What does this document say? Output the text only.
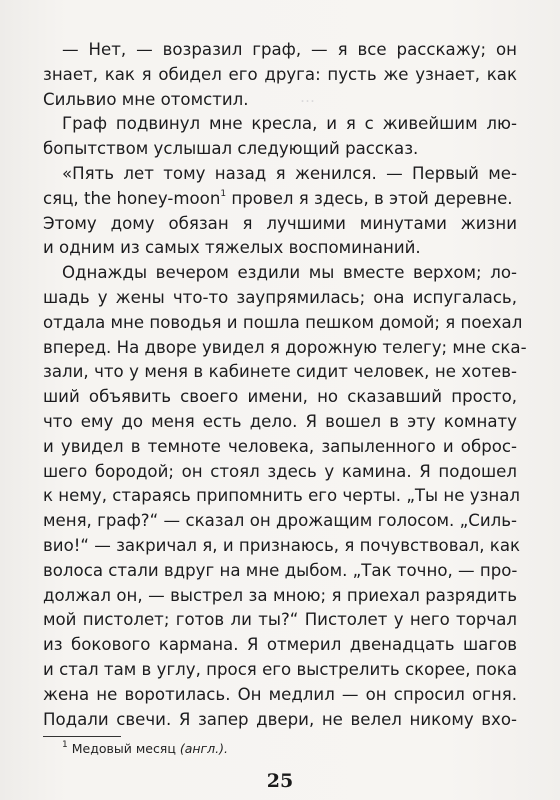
…
— Нет, — возразил граф, — я все расскажу; он
знает, как я обидел его друга: пусть же узнает, как
Сильвио мне отомстил.
Граф подвинул мне кресла, и я с живейшим лю-
бопытством услышал следующий рассказ.
«Пять лет тому назад я женился. — Первый ме-
сяц, the honey-moon$^1$ провел я здесь, в этой деревне.
Этому дому обязан я лучшими минутами жизни
и одним из самых тяжелых воспоминаний.
Однажды вечером ездили мы вместе верхом; ло-
шадь у жены что-то заупрямилась; она испугалась,
отдала мне поводья и пошла пешком домой; я поехал
вперед. На дворе увидел я дорожную телегу; мне ска-
зали, что у меня в кабинете сидит человек, не хотев-
ший объявить своего имени, но сказавший просто,
что ему до меня есть дело. Я вошел в эту комнату
и увидел в темноте человека, запыленного и оброс-
шего бородой; он стоял здесь у камина. Я подошел
к нему, стараясь припомнить его черты. „Ты не узнал
меня, граф?“ — сказал он дрожащим голосом. „Силь-
вио!“ — закричал я, и признаюсь, я почувствовал, как
волоса стали вдруг на мне дыбом. „Так точно, — про-
должал он, — выстрел за мною; я приехал разрядить
мой пистолет; готов ли ты?“ Пистолет у него торчал
из бокового кармана. Я отмерил двенадцать шагов
и стал там в углу, прося его выстрелить скорее, пока
жена не воротилась. Он медлил — он спросил огня.
$^1$ Медовый месяц (англ.).
25
Подали свечи. Я запер двери, не велел никому вхо-
